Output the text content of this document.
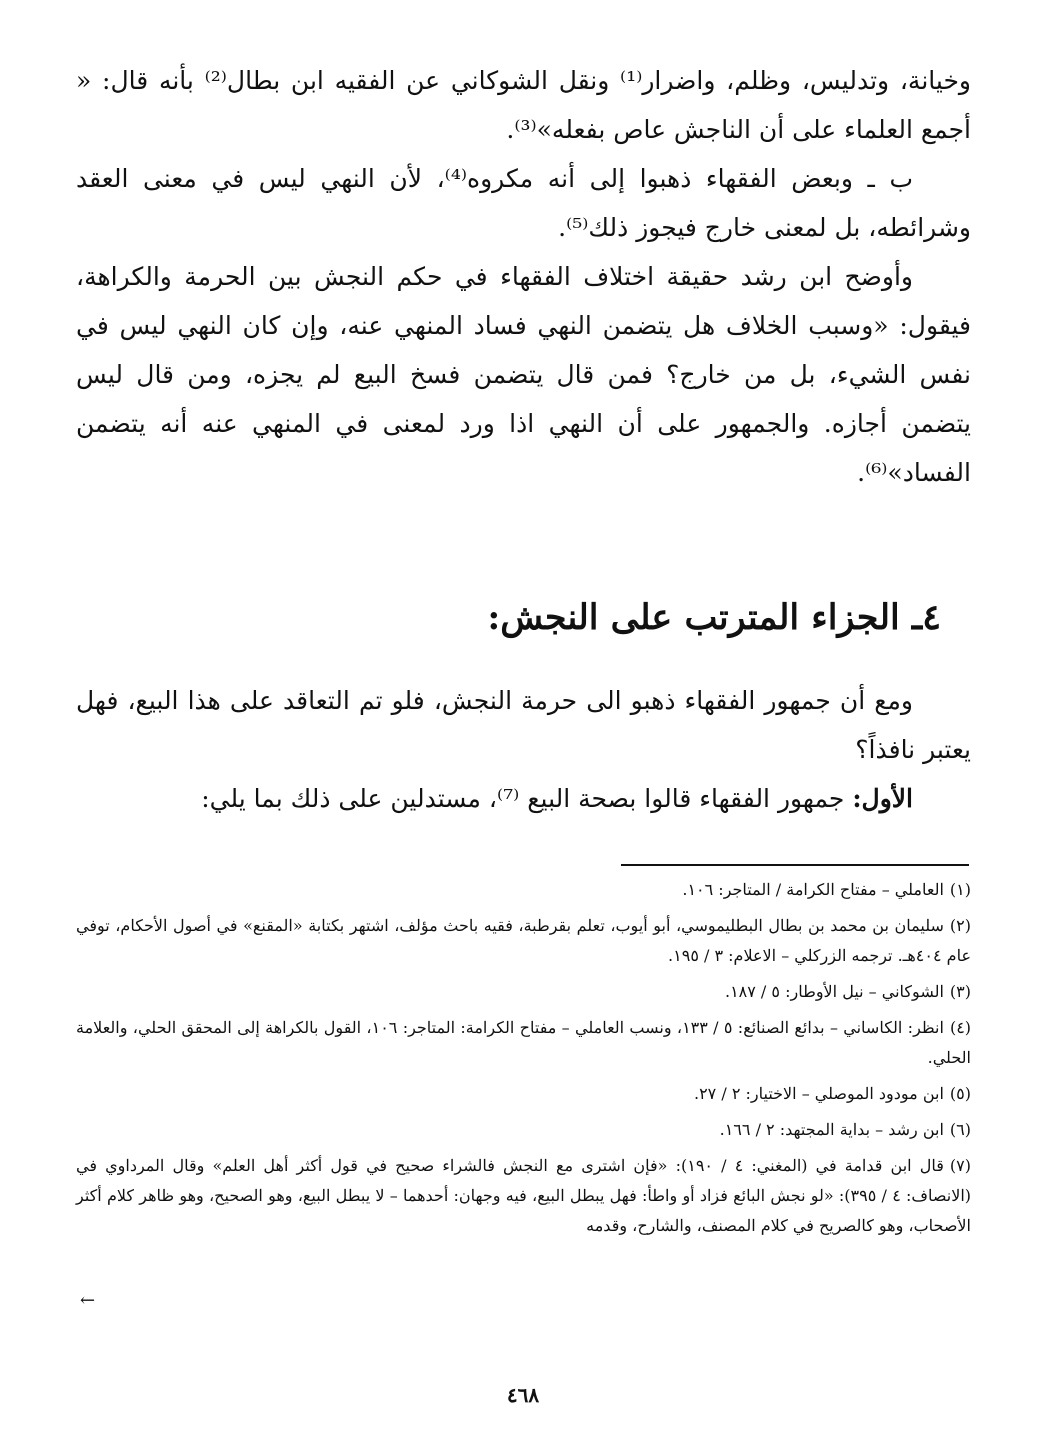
وخيانة، وتدليس، وظلم، واضرار⁽¹⁾ ونقل الشوكاني عن الفقيه ابن بطال⁽²⁾ بأنه قال: « أجمع العلماء على أن الناجش عاص بفعله»⁽³⁾.

ب ـ وبعض الفقهاء ذهبوا إلى أنه مكروه⁽⁴⁾، لأن النهي ليس في معنى العقد وشرائطه، بل لمعنى خارج فيجوز ذلك⁽⁵⁾.

وأوضح ابن رشد حقيقة اختلاف الفقهاء في حكم النجش بين الحرمة والكراهة، فيقول: «وسبب الخلاف هل يتضمن النهي فساد المنهي عنه، وإن كان النهي ليس في نفس الشيء، بل من خارج؟ فمن قال يتضمن فسخ البيع لم يجزه، ومن قال ليس يتضمن أجازه. والجمهور على أن النهي اذا ورد لمعنى في المنهي عنه أنه يتضمن الفساد»⁽⁶⁾.

٤ـ الجزاء المترتب على النجش:

ومع أن جمهور الفقهاء ذهبو الى حرمة النجش، فلو تم التعاقد على هذا البيع، فهل يعتبر نافذاً؟

الأول: جمهور الفقهاء قالوا بصحة البيع ⁽⁷⁾، مستدلين على ذلك بما يلي:

(١)العاملي – مفتاح الكرامة / المتاجر: ١٠٦.
(٢)سليمان بن محمد بن بطال البطليموسي، أبو أيوب، تعلم بقرطبة، فقيه باحث مؤلف، اشتهر بكتابة «المقنع» في أصول الأحكام، توفي عام ٤٠٤هـ. ترجمه الزركلي – الاعلام: ٣ / ١٩٥.
(٣)الشوكاني – نيل الأوطار: ٥ / ١٨٧.
(٤)انظر: الكاساني – بدائع الصنائع: ٥ / ١٣٣، ونسب العاملي – مفتاح الكرامة: المتاجر: ١٠٦، القول بالكراهة إلى المحقق الحلي، والعلامة الحلي.
(٥)ابن مودود الموصلي – الاختيار: ٢ / ٢٧.
(٦)ابن رشد – بداية المجتهد: ٢ / ١٦٦.
(٧)قال ابن قدامة في (المغني: ٤ / ١٩٠): «فإن اشترى مع النجش فالشراء صحيح في قول أكثر أهل العلم» وقال المرداوي في (الانصاف: ٤ / ٣٩٥): «لو نجش البائع فزاد أو واطأ: فهل يبطل البيع، فيه وجهان: أحدهما – لا يبطل البيع، وهو الصحيح، وهو ظاهر كلام أكثر الأصحاب، وهو كالصريح في كلام المصنف، والشارح، وقدمه
←
٤٦٨
